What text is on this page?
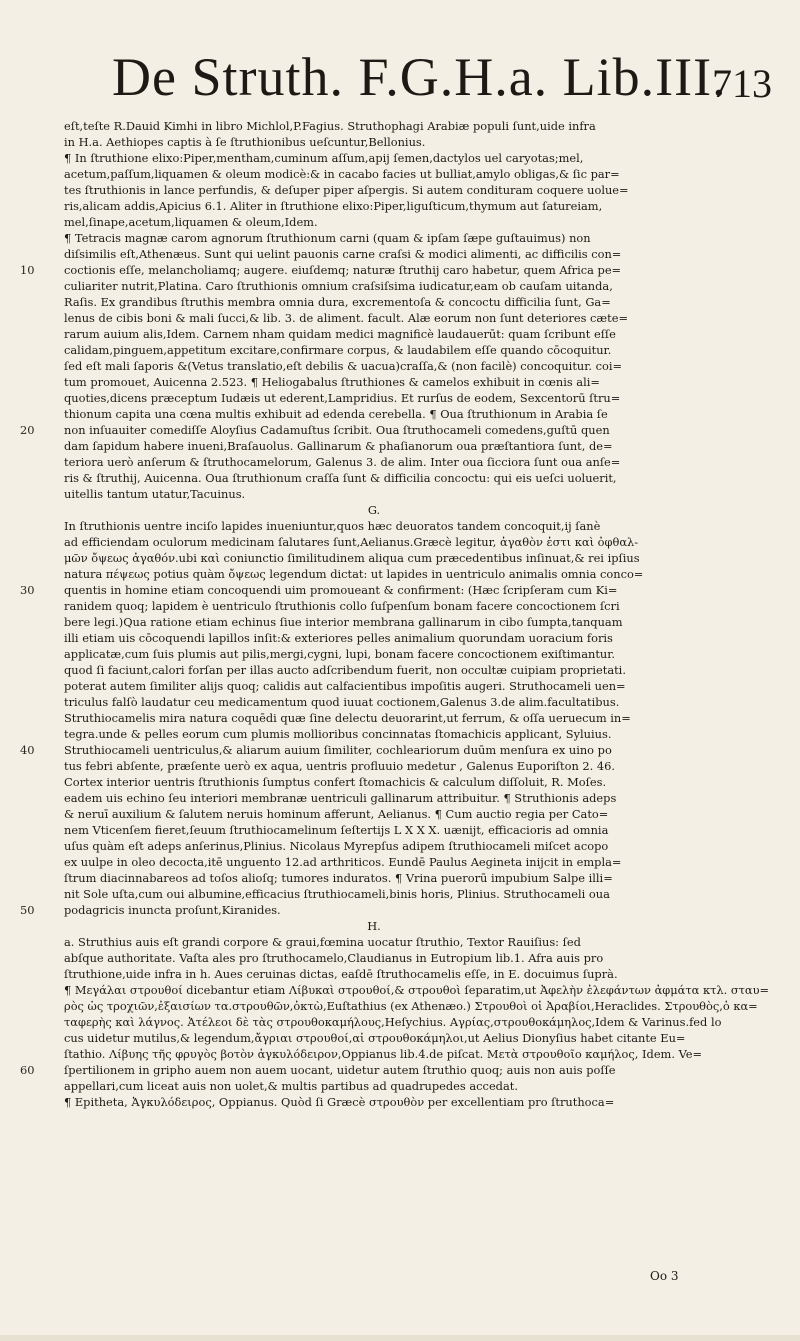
De Struth. F.G.H.a. Lib.III.
713
eſt,teſte R.Dauid Kimhi in libro Michlol,P.Fagius. Struthophagi Arabiæ populi ſunt,uide infra
in H.a. Aethiopes captis à ſe ſtruthionibus ueſcuntur,Bellonius.
¶ In ſtruthione elixo:Piper,mentham,cuminum aſſum,apij ſemen,dactylos uel caryotas;mel,
acetum,paſſum,liquamen & oleum modicè:& in cacabo facies ut bulliat,amylo obligas,& ſic par=
tes ſtruthionis in lance perfundis, & deſuper piper aſpergis. Si autem condituram coquere uolue=
ris,alicam addis,Apicius 6.1. Aliter in ſtruthione elixo:Piper,liguſticum,thymum aut ſatureiam,
mel,ſinape,acetum,liquamen & oleum,Idem.
¶ Tetracis magnæ carom agnorum ſtruthionum carni (quam & ipſam ſæpe guſtauimus) non
diſsimilis eſt,Athenæus. Sunt qui uelint pauonis carne craſsi & modici alimenti, ac difficilis con=
coctionis eſſe, melancholiamq; augere. eiuſdemq; naturæ ſtruthij caro habetur, quem Africa pe=
culiariter nutrit,Platina. Caro ſtruthionis omnium craſsiſsima iudicatur,eam ob cauſam uitanda,
Raſis. Ex grandibus ſtruthis membra omnia dura, excrementoſa & concoctu difficilia ſunt, Ga=
lenus de cibis boni & mali ſucci,& lib. 3. de aliment. facult. Alæ eorum non ſunt deteriores cæte=
rarum auium alis,Idem. Carnem nham quidam medici magnificè laudauerūt: quam ſcribunt eſſe
calidam,pinguem,appetitum excitare,confirmare corpus, & laudabilem eſſe quando cōcoquitur.
ſed eſt mali ſaporis &(Vetus translatio,eſt debilis & uacua)craſſa,& (non facilè) concoquitur. coi=
tum promouet, Auicenna 2.523. ¶ Heliogabalus ſtruthiones & camelos exhibuit in cœnis ali=
quoties,dicens præceptum Iudæis ut ederent,Lampridius. Et rurſus de eodem, Sexcentorū ſtru=
thionum capita una cœna multis exhibuit ad edenda cerebella. ¶ Oua ſtruthionum in Arabia ſe
non inſuauiter comediſſe Aloyſius Cadamuſtus ſcribit. Oua ſtruthocameli comedens,guſtū quen
dam ſapidum habere inueni,Braſauolus. Gallinarum & phaſianorum oua præſtantiora ſunt, de=
teriora uerò anſerum & ſtruthocamelorum, Galenus 3. de alim. Inter oua ſicciora ſunt oua anſe=
ris & ſtruthij, Auicenna. Oua ſtruthionum craſſa ſunt & difficilia concoctu: qui eis ueſci uoluerit,
uitellis tantum utatur,Tacuinus.
G.
In ſtruthionis uentre inciſo lapides inueniuntur,quos hæc deuoratos tandem concoquit,ij ſanè
ad efficiendam oculorum medicinam ſalutares ſunt,Aelianus.Græcè legitur, ἀγαθὸν ἐστι καὶ ὀφθαλ-
μῶν ὄψεως ἀγαθόν.ubi καὶ coniunctio ſimilitudinem aliqua cum præcedentibus inſinuat,& rei ipſius
natura πέψεως potius quàm ὄψεως legendum dictat: ut lapides in uentriculo animalis omnia conco=
quentis in homine etiam concoquendi uim promoueant & confirment: (Hæc ſcripſeram cum Ki=
ranidem quoq; lapidem è uentriculo ſtruthionis collo ſuſpenſum bonam facere concoctionem ſcri
bere legi.)Qua ratione etiam echinus ſiue interior membrana gallinarum in cibo ſumpta,tanquam
illi etiam uis cōcoquendi lapillos inſit:& exteriores pelles animalium quorundam uoracium foris
applicatæ,cum ſuis plumis aut pilis,mergi,cygni, lupi, bonam facere concoctionem exiſtimantur.
quod ſi faciunt,calori forſan per illas aucto adſcribendum fuerit, non occultæ cuipiam proprietati.
poterat autem ſimiliter alijs quoq; calidis aut calfacientibus impoſitis augeri. Struthocameli uen=
triculus falſò laudatur ceu medicamentum quod iuuat coctionem,Galenus 3.de alim.facultatibus.
Struthiocamelis mira natura coquēdi quæ ſine delectu deuorarint,ut ferrum, & oſſa ueruecum in=
tegra.unde & pelles eorum cum plumis mollioribus concinnatas ſtomachicis applicant, Syluius.
Struthiocameli uentriculus,& aliarum auium ſimiliter, cochleariorum duūm menſura ex uino po
tus febri abſente, præſente uerò ex aqua, uentris profluuio medetur , Galenus Euporiſton 2. 46.
Cortex interior uentris ſtruthionis ſumptus confert ſtomachicis & calculum diſſoluit, R. Moſes.
eadem uis echino ſeu interiori membranæ uentriculi gallinarum attribuitur. ¶ Struthionis adeps
& neruī auxilium & ſalutem neruis hominum afferunt, Aelianus. ¶ Cum auctio regia per Cato=
nem Vticenſem fieret,ſeuum ſtruthiocamelinum ſeſtertijs L X X X. uænijt, efficacioris ad omnia
uſus quàm eſt adeps anſerinus,Plinius. Nicolaus Myrepſus adipem ſtruthiocameli miſcet acopo
ex uulpe in oleo decocta,itē unguento 12.ad arthriticos. Eundē Paulus Aegineta inijcit in empla=
ſtrum diacinnabareos ad toſos alioſq; tumores induratos. ¶ Vrina puerorū impubium Salpe illi=
nit Sole uſta,cum oui albumine,efficacius ſtruthiocameli,binis horis, Plinius. Struthocameli oua
podagricis inuncta proſunt,Kiranides.
H.
a. Struthius auis eſt grandi corpore & graui,fœmina uocatur ſtruthio, Textor Rauiſius: ſed
abſque authoritate. Vaſta ales pro ſtruthocamelo,Claudianus in Eutropium lib.1. Afra auis pro
ſtruthione,uide infra in h. Aues ceruinas dictas, eaſdē ſtruthocamelis eſſe, in E. docuimus ſuprà.
¶ Μεγάλαι στρουθοί dicebantur etiam Λίβυκαὶ στρουθοί,& στρουθοὶ ſeparatim,ut Ἀφελὴν ἐλεφάντων ἀφμάτα κτλ. σταυ=
ρὸς ὡς τροχιῶν,ἐξαισίων τα.στρουθῶν,ὁκτὼ,Euſtathius (ex Athenæo.) Στρουθοὶ οἱ Ἀραβίοι,Heraclides. Στρουθὸς,ὁ κα=
ταφερὴς καὶ λάγνος. Ἀτέλεοι δὲ τὰς στρουθοκαμήλους,Heſychius. Αγρίας,στρουθοκάμηλος,Idem & Varinus.fed lo
cus uidetur mutilus,& legendum,ἄγριαι στρουθοί,αἱ στρουθοκάμηλοι,ut Aelius Dionyſius habet citante Eu=
ſtathio. Λίβυης τῆς φρυγὸς βοτὸν ἀγκυλόδειρον,Oppianus lib.4.de piſcat. Μετὰ στρουθοῖο καμήλος, Idem. Ve=
ſpertilionem in gripho auem non auem uocant, uidetur autem ſtruthio quoq; auis non auis poſſe
appellari,cum liceat auis non uolet,& multis partibus ad quadrupedes accedat.
¶ Epitheta, Ἀγκυλόδειρος, Oppianus. Quòd ſi Græcè στρουθὸν per excellentiam pro ſtruthoca=
10
20
30
40
50
60
Oo 3
